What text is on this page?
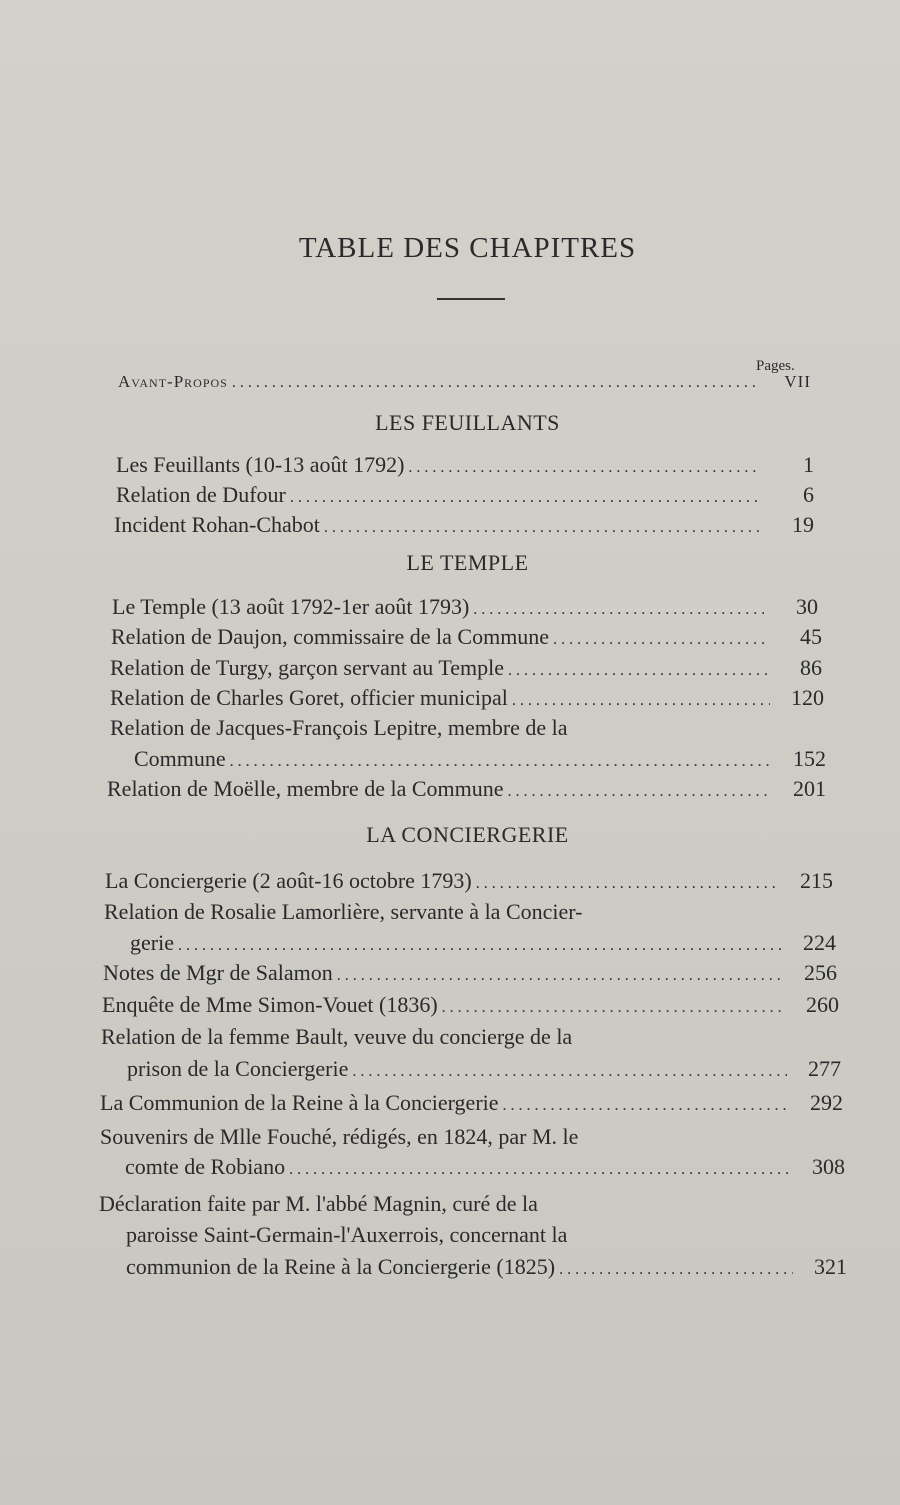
TABLE DES CHAPITRES
Pages.
Avant-Propos . . .	VII
LES FEUILLANTS
Les Feuillants (10-13 août 1792) . . .	1
Relation de Dufour . . .	6
Incident Rohan-Chabot . . .	19
LE TEMPLE
Le Temple (13 août 1792-1er août 1793) . . .	30
Relation de Daujon, commissaire de la Commune . . .	45
Relation de Turgy, garçon servant au Temple . . .	86
Relation de Charles Goret, officier municipal . . .	120
Relation de Jacques-François Lepitre, membre de la
Commune . . .	152
Relation de Moëlle, membre de la Commune . . .	201
LA CONCIERGERIE
La Conciergerie (2 août-16 octobre 1793) . . .	215
Relation de Rosalie Lamorlière, servante à la Concier-
gerie . . .	224
Notes de Mgr de Salamon . . .	256
Enquête de Mme Simon-Vouet (1836) . . .	260
Relation de la femme Bault, veuve du concierge de la
prison de la Conciergerie . . .	277
La Communion de la Reine à la Conciergerie . . .	292
Souvenirs de Mlle Fouché, rédigés, en 1824, par M. le
comte de Robiano . . .	308
Déclaration faite par M. l'abbé Magnin, curé de la
paroisse Saint-Germain-l'Auxerrois, concernant la
communion de la Reine à la Conciergerie (1825) . . .	321
